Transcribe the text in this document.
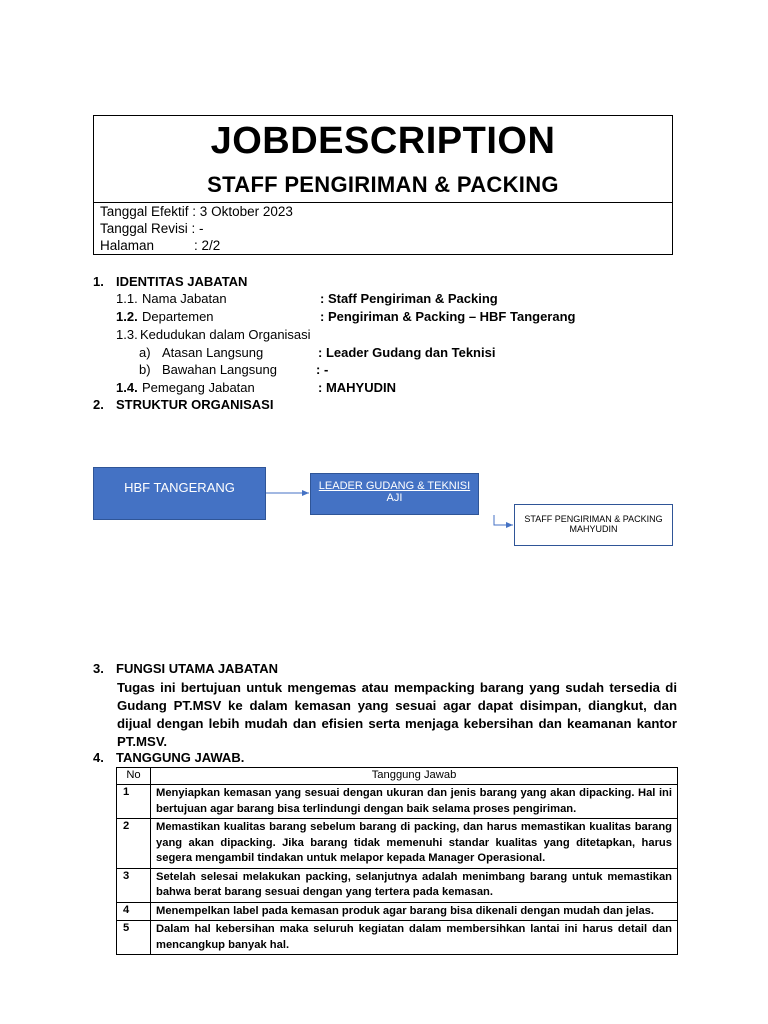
JOBDESCRIPTION
STAFF PENGIRIMAN & PACKING
Tanggal Efektif : 3 Oktober 2023
Tanggal Revisi : -
Halaman	: 2/2
1. IDENTITAS JABATAN
1.1. Nama Jabatan	: Staff Pengiriman & Packing
1.2. Departemen	: Pengiriman & Packing – HBF Tangerang
1.3. Kedudukan dalam Organisasi
a) Atasan Langsung	: Leader Gudang dan Teknisi
b) Bawahan Langsung	: -
1.4. Pemegang Jabatan	: MAHYUDIN
2. STRUKTUR ORGANISASI
HBF TANGERANG	LEADER GUDANG & TEKNISI
AJI
STAFF PENGIRIMAN & PACKING
MAHYUDIN
3. FUNGSI UTAMA JABATAN
Tugas ini bertujuan untuk mengemas atau mempacking barang yang sudah tersedia di Gudang PT.MSV ke dalam kemasan yang sesuai agar dapat disimpan, diangkut, dan dijual dengan lebih mudah dan efisien serta menjaga kebersihan dan keamanan kantor PT.MSV.
4. TANGGUNG JAWAB.
No	Tanggung Jawab
1	Menyiapkan kemasan yang sesuai dengan ukuran dan jenis barang yang akan dipacking. Hal ini bertujuan agar barang bisa terlindungi dengan baik selama proses pengiriman.
2	Memastikan kualitas barang sebelum barang di packing, dan harus memastikan kualitas barang yang akan dipacking. Jika barang tidak memenuhi standar kualitas yang ditetapkan, harus segera mengambil tindakan untuk melapor kepada Manager Operasional.
3	Setelah selesai melakukan packing, selanjutnya adalah menimbang barang untuk memastikan bahwa berat barang sesuai dengan yang tertera pada kemasan.
4	Menempelkan label pada kemasan produk agar barang bisa dikenali dengan mudah dan jelas.
5	Dalam hal kebersihan maka seluruh kegiatan dalam membersihkan lantai ini harus detail dan mencangkup banyak hal.
